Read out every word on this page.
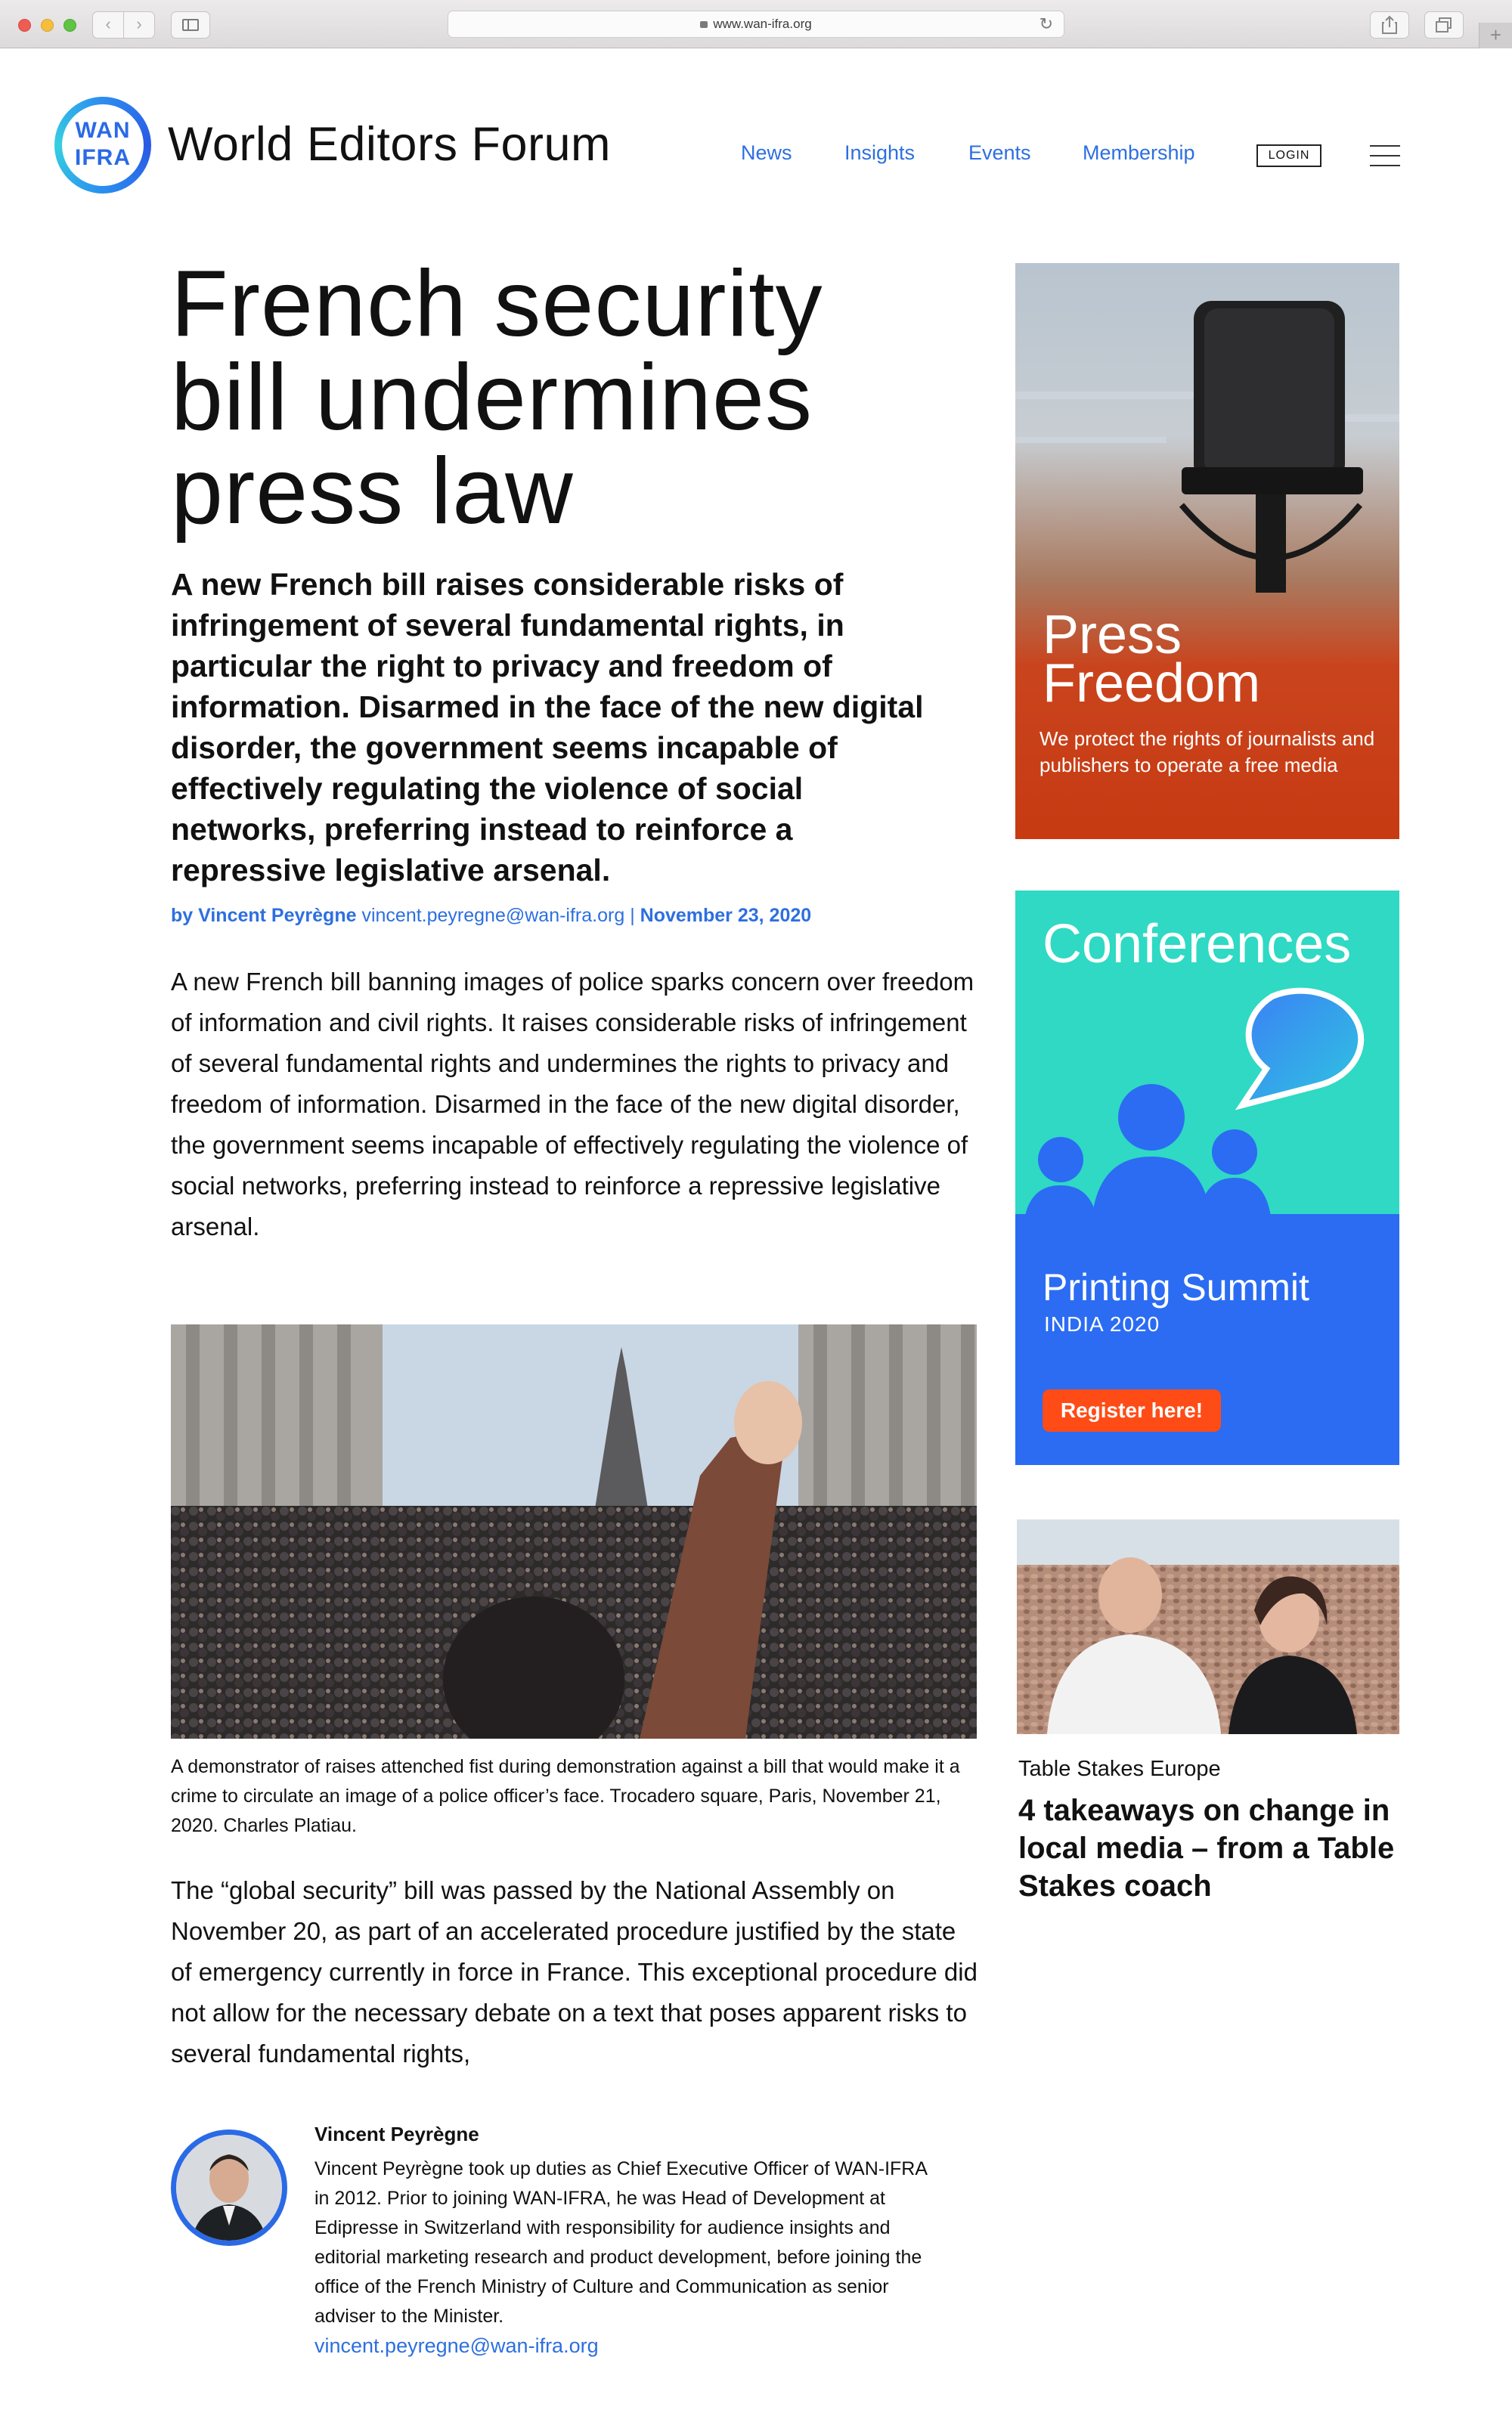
‹	›	www.wan-ifra.org	↻	+
WAN
IFRA World Editors Forum	News	Insights	Events	Membership	LOGIN
French security bill undermines press law

A new French bill raises considerable risks of infringement of several fundamental rights, in particular the right to privacy and freedom of information. Disarmed in the face of the new digital disorder, the government seems incapable of effectively regulating the violence of social networks, preferring instead to reinforce a repressive legislative arsenal.

by Vincent Peyrègne vincent.peyregne@wan-ifra.org | November 23, 2020

A new French bill banning images of police sparks concern over freedom of information and civil rights. It raises considerable risks of infringement of several fundamental rights and undermines the rights to privacy and freedom of information. Disarmed in the face of the new digital disorder, the government seems incapable of effectively regulating the violence of social networks, preferring instead to reinforce a repressive legislative arsenal.

A demonstrator of raises attenched fist during demonstration against a bill that would make it a crime to circulate an image of a police officer’s face. Trocadero square, Paris, November 21, 2020. Charles Platiau.

The “global security” bill was passed by the National Assembly on November 20, as part of an accelerated procedure justified by the state of emergency currently in force in France. This exceptional procedure did not allow for the necessary debate on a text that poses apparent risks to several fundamental rights,

Vincent Peyrègne

Vincent Peyrègne took up duties as Chief Executive Officer of WAN-IFRA in 2012. Prior to joining WAN-IFRA, he was Head of Development at Edipresse in Switzerland with responsibility for audience insights and editorial marketing research and product development, before joining the office of the French Ministry of Culture and Communication as senior adviser to the Minister.

vincent.peyregne@wan-ifra.org
Press Freedom
We protect the rights of journalists and publishers to operate a free media
Conferences
Printing Summit
INDIA 2020
Register here!
Table Stakes Europe
4 takeaways on change in local media – from a Table Stakes coach
